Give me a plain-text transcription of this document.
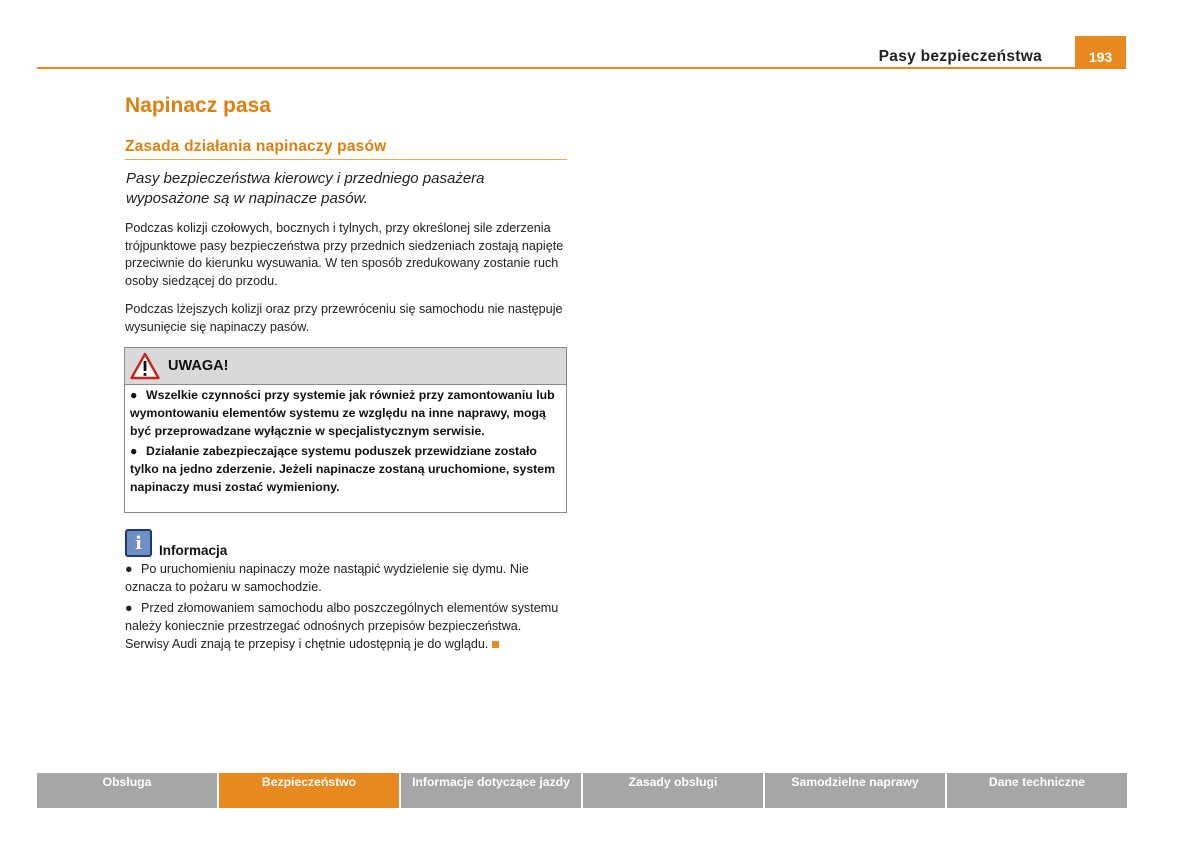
Pasy bezpieczeństwa	193
Napinacz pasa
Zasada działania napinaczy pasów

Pasy bezpieczeństwa kierowcy i przedniego pasażera wyposażone są w napinacze pasów.

Podczas kolizji czołowych, bocznych i tylnych, przy określonej sile zderzenia trójpunktowe pasy bezpieczeństwa przy przednich siedzeniach zostają napięte przeciwnie do kierunku wysuwania. W ten sposób zredukowany zostanie ruch osoby siedzącej do przodu.

Podczas lżejszych kolizji oraz przy przewróceniu się samochodu nie następuje wysunięcie się napinaczy pasów.

UWAGA!
● Wszelkie czynności przy systemie jak również przy zamontowaniu lub wymontowaniu elementów systemu ze względu na inne naprawy, mogą być przeprowadzane wyłącznie w specjalistycznym serwisie.
● Działanie zabezpieczające systemu poduszek przewidziane zostało tylko na jedno zderzenie. Jeżeli napinacze zostaną uruchomione, system napinaczy musi zostać wymieniony.
i	Informacja
● Po uruchomieniu napinaczy może nastąpić wydzielenie się dymu. Nie oznacza to pożaru w samochodzie.
● Przed złomowaniem samochodu albo poszczególnych elementów systemu należy koniecznie przestrzegać odnośnych przepisów bezpieczeństwa. Serwisy Audi znają te przepisy i chętnie udostępnią je do wglądu.
Obsługa	Bezpieczeństwo	Informacje dotyczące jazdy	Zasady obsługi	Samodzielne naprawy	Dane techniczne
